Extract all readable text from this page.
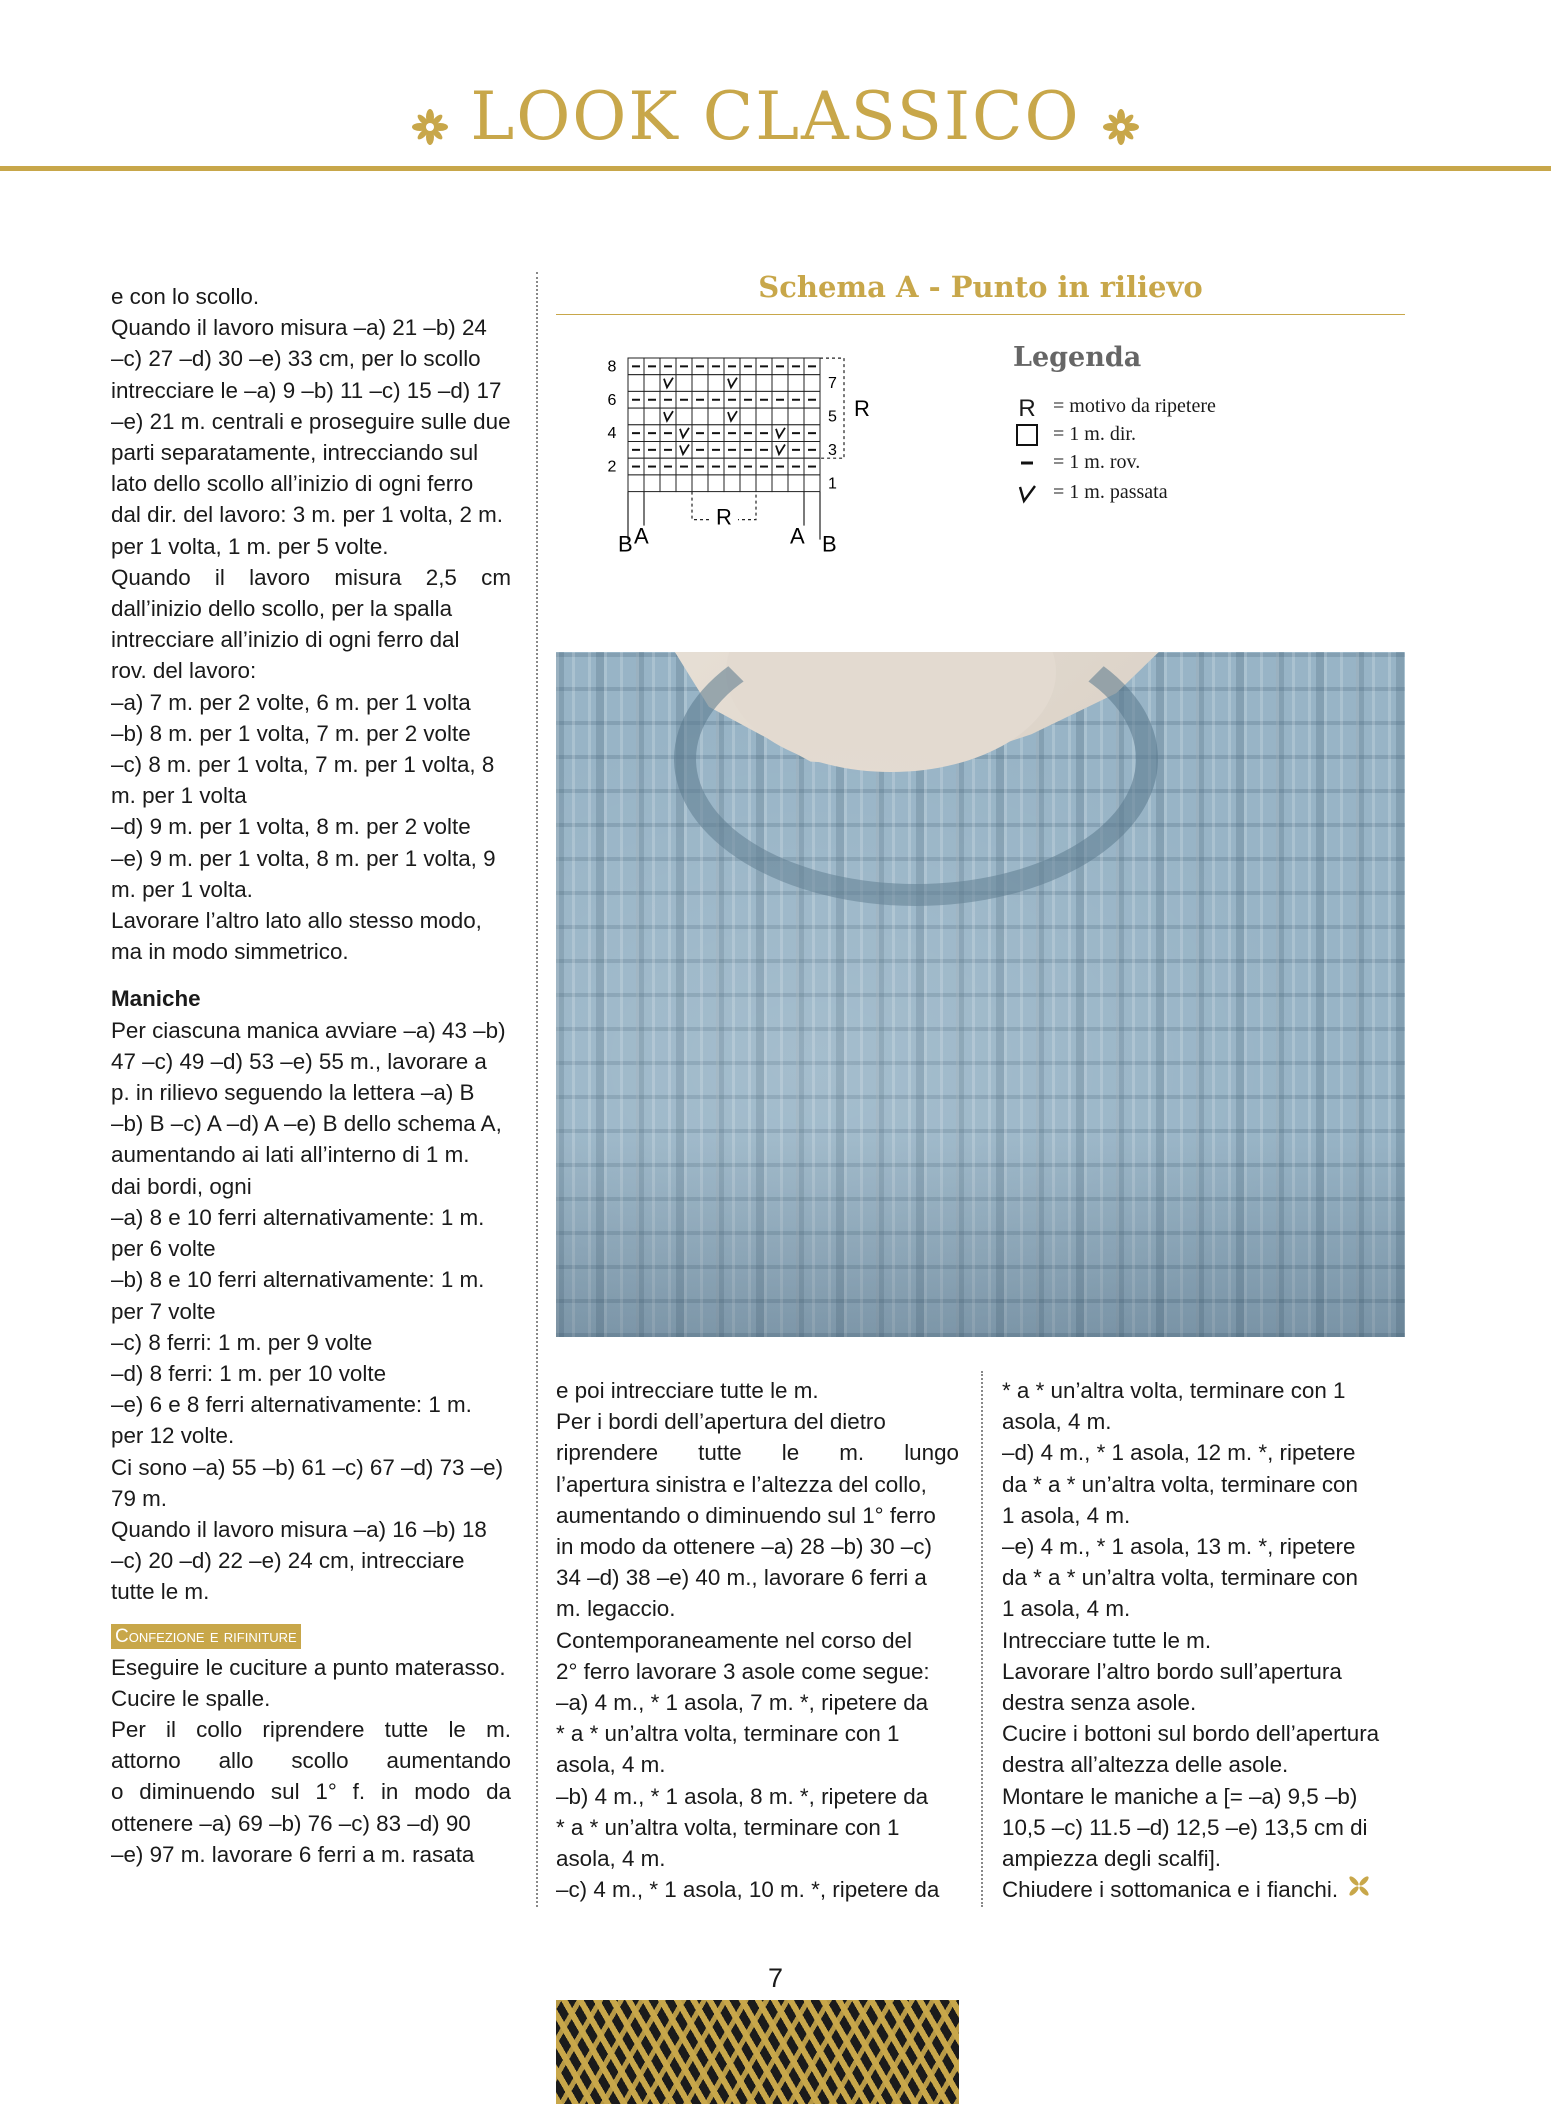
LOOK CLASSICO

e con lo scollo.

Quando il lavoro misura –a) 21 –b) 24

–c) 27 –d) 30 –e) 33 cm, per lo scollo

intrecciare le –a) 9 –b) 11 –c) 15 –d) 17

–e) 21 m. centrali e proseguire sulle due

parti separatamente, intrecciando sul

lato dello scollo all’inizio di ogni ferro

dal dir. del lavoro: 3 m. per 1 volta, 2 m.

per 1 volta, 1 m. per 5 volte.

Quando il lavoro misura 2,5 cm

dall’inizio dello scollo, per la spalla

intrecciare all’inizio di ogni ferro dal

rov. del lavoro:

–a) 7 m. per 2 volte, 6 m. per 1 volta

–b) 8 m. per 1 volta, 7 m. per 2 volte

–c) 8 m. per 1 volta, 7 m. per 1 volta, 8

m. per 1 volta

–d) 9 m. per 1 volta, 8 m. per 2 volte

–e) 9 m. per 1 volta, 8 m. per 1 volta, 9

m. per 1 volta.

Lavorare l’altro lato allo stesso modo,

ma in modo simmetrico.

Maniche

Per ciascuna manica avviare –a) 43 –b)

47 –c) 49 –d) 53 –e) 55 m., lavorare a

p. in rilievo seguendo la lettera –a) B

–b) B –c) A –d) A –e) B dello schema A,

aumentando ai lati all’interno di 1 m.

dai bordi, ogni

–a) 8 e 10 ferri alternativamente: 1 m.

per 6 volte

–b) 8 e 10 ferri alternativamente: 1 m.

per 7 volte

–c) 8 ferri: 1 m. per 9 volte

–d) 8 ferri: 1 m. per 10 volte

–e) 6 e 8 ferri alternativamente: 1 m.

per 12 volte.

Ci sono –a) 55 –b) 61 –c) 67 –d) 73 –e)

79 m.

Quando il lavoro misura –a) 16 –b) 18

–c) 20 –d) 22 –e) 24 cm, intrecciare

tutte le m.

Confezione e rifiniture

Eseguire le cuciture a punto materasso.

Cucire le spalle.

Per il collo riprendere tutte le m.

attorno allo scollo aumentando

o diminuendo sul 1° f. in modo da

ottenere –a) 69 –b) 76 –c) 83 –d) 90

–e) 97 m. lavorare 6 ferri a m. rasata

Schema A - Punto in rilievo
8
6
4
2
7
5
3
1
R
R
B A	A B
Legenda
R = motivo da ripetere
= 1 m. dir.
= 1 m. rov.
= 1 m. passata

e poi intrecciare tutte le m.

Per i bordi dell’apertura del dietro

riprendere tutte le m. lungo

l’apertura sinistra e l’altezza del collo,

aumentando o diminuendo sul 1° ferro

in modo da ottenere –a) 28 –b) 30 –c)

34 –d) 38 –e) 40 m., lavorare 6 ferri a

m. legaccio.

Contemporaneamente nel corso del

2° ferro lavorare 3 asole come segue:

–a) 4 m., * 1 asola, 7 m. *, ripetere da

* a * un’altra volta, terminare con 1

asola, 4 m.

–b) 4 m., * 1 asola, 8 m. *, ripetere da

* a * un’altra volta, terminare con 1

asola, 4 m.

–c) 4 m., * 1 asola, 10 m. *, ripetere da

* a * un’altra volta, terminare con 1

asola, 4 m.

–d) 4 m., * 1 asola, 12 m. *, ripetere

da * a * un’altra volta, terminare con

1 asola, 4 m.

–e) 4 m., * 1 asola, 13 m. *, ripetere

da * a * un’altra volta, terminare con

1 asola, 4 m.

Intrecciare tutte le m.

Lavorare l’altro bordo sull’apertura

destra senza asole.

Cucire i bottoni sul bordo dell’apertura

destra all’altezza delle asole.

Montare le maniche a [= –a) 9,5 –b)

10,5 –c) 11.5 –d) 12,5 –e) 13,5 cm di

ampiezza degli scalfi].

Chiudere i sottomanica e i fianchi.

7
